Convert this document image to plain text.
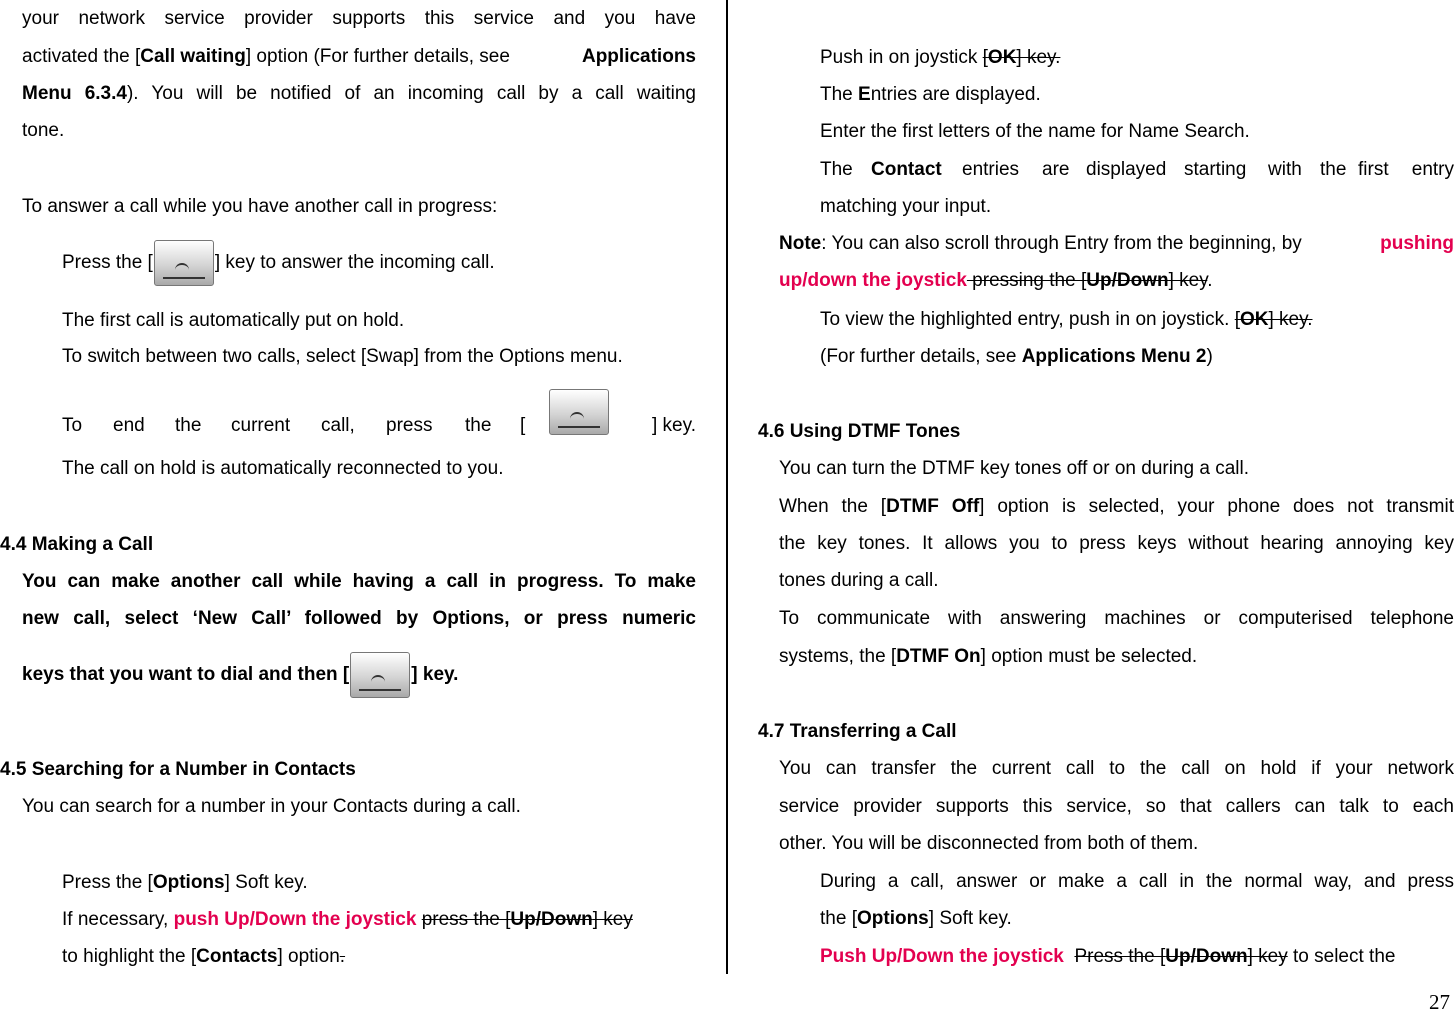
your network service provider supports this service and you have
activated the [Call waiting] option (For further details, see	Applications
Menu 6.3.4). You will be notified of an incoming call by a call waiting
tone.
To answer a call while you have another call in progress:
Press the [	] key to answer the incoming call.
The first call is automatically put on hold.
To switch between two calls, select [Swap] from the Options menu.
To end the current call, press the [	] key.
The call on hold is automatically reconnected to you.
4.4 Making a Call
You can make another call while having a call in progress. To make
new call, select ‘New Call’ followed by Options, or press numeric
keys that you want to dial and then [	] key.
4.5 Searching for a Number in Contacts
You can search for a number in your Contacts during a call.
Press the [Options] Soft key.
If necessary, push Up/Down the joystick press the [Up/Down] key
to highlight the [Contacts] option.
Push in on joystick [OK] key.
The Entries are displayed.
Enter the first letters of the name for Name Search.
The Contact entries are displayed starting with the first entry
matching your input.
Note: You can also scroll through Entry from the beginning, by	pushing
up/down the joystick pressing the [Up/Down] key.
To view the highlighted entry, push in on joystick. [OK] key.
(For further details, see Applications Menu 2)
4.6 Using DTMF Tones
You can turn the DTMF key tones off or on during a call.
When the [DTMF Off] option is selected, your phone does not transmit
the key tones. It allows you to press keys without hearing annoying key
tones during a call.
To communicate with answering machines or computerised telephone
systems, the [DTMF On] option must be selected.
4.7 Transferring a Call
You can transfer the current call to the call on hold if your network
service provider supports this service, so that callers can talk to each
other. You will be disconnected from both of them.
During a call, answer or make a call in the normal way, and press
the [Options] Soft key.
Push Up/Down the joystick Press the [Up/Down] key to select the
27
